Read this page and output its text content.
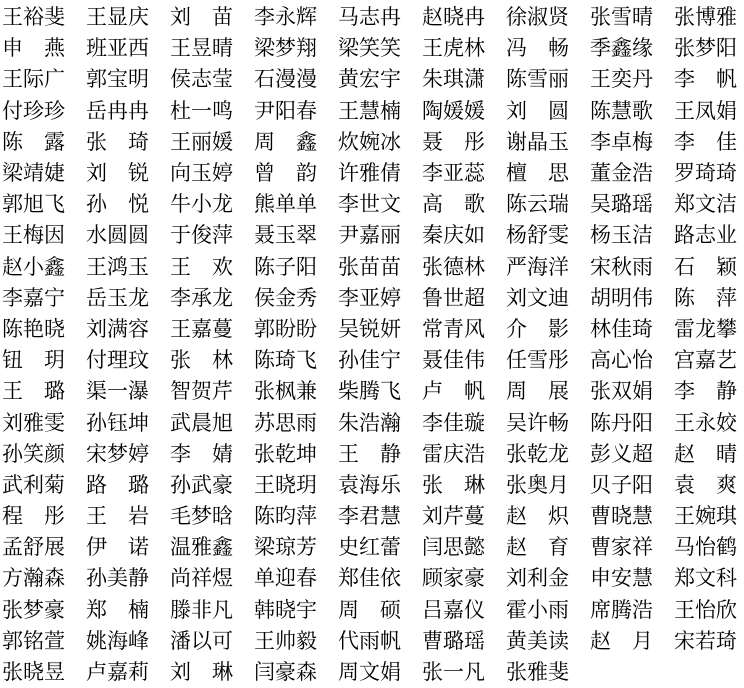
王裕斐	王显庆	刘　苗	李永辉	马志冉	赵晓冉	徐淑贤	张雪晴	张博雅
申　燕	班亚西	王昱晴	梁梦翔	梁笑笑	王虎林	冯　畅	季鑫缘	张梦阳
王际广	郭宝明	侯志莹	石漫漫	黄宏宇	朱琪潇	陈雪丽	王奕丹	李　帆
付珍珍	岳冉冉	杜一鸣	尹阳春	王慧楠	陶媛媛	刘　圆	陈慧歌	王凤娟
陈　露	张　琦	王丽媛	周　鑫	炊婉冰	聂　彤	谢晶玉	李卓梅	李　佳
梁靖婕	刘　锐	向玉婷	曾　韵	许雅倩	李亚蕊	檀　思	董金浩	罗琦琦
郭旭飞	孙　悦	牛小龙	熊单单	李世文	高　歌	陈云瑞	吴璐瑶	郑文洁
王梅因	水圆圆	于俊萍	聂玉翠	尹嘉丽	秦庆如	杨舒雯	杨玉洁	路志业
赵小鑫	王鸿玉	王　欢	陈子阳	张苗苗	张德林	严海洋	宋秋雨	石　颖
李嘉宁	岳玉龙	李承龙	侯金秀	李亚婷	鲁世超	刘文迪	胡明伟	陈　萍
陈艳晓	刘满容	王嘉蔓	郭盼盼	吴锐妍	常青风	介　影	林佳琦	雷龙攀
钮　玥	付理玟	张　林	陈琦飞	孙佳宁	聂佳伟	任雪彤	高心怡	宫嘉艺
王　璐	渠一瀑	智贺芹	张枫兼	柴腾飞	卢　帆	周　展	张双娟	李　静
刘雅雯	孙钰坤	武晨旭	苏思雨	朱浩瀚	李佳璇	吴许畅	陈丹阳	王永姣
孙笑颜	宋梦婷	李　婧	张乾坤	王　静	雷庆浩	张乾龙	彭义超	赵　晴
武利菊	路　璐	孙武豪	王晓玥	袁海乐	张　琳	张奥月	贝子阳	袁　爽
程　彤	王　岩	毛梦晗	陈昀萍	李君慧	刘芹蔓	赵　炽	曹晓慧	王婉琪
孟舒展	伊　诺	温雅鑫	梁琼芳	史红蕾	闫思懿	赵　育	曹家祥	马怡鹤
方瀚森	孙美静	尚祥煜	单迎春	郑佳依	顾家豪	刘利金	申安慧	郑文科
张梦豪	郑　楠	滕非凡	韩晓宇	周　硕	吕嘉仪	霍小雨	席腾浩	王怡欣
郭铭萱	姚海峰	潘以可	王帅毅	代雨帆	曹璐瑶	黄美读	赵　月	宋若琦
张晓昱	卢嘉莉	刘　琳	闫豪森	周文娟	张一凡	张雅斐
